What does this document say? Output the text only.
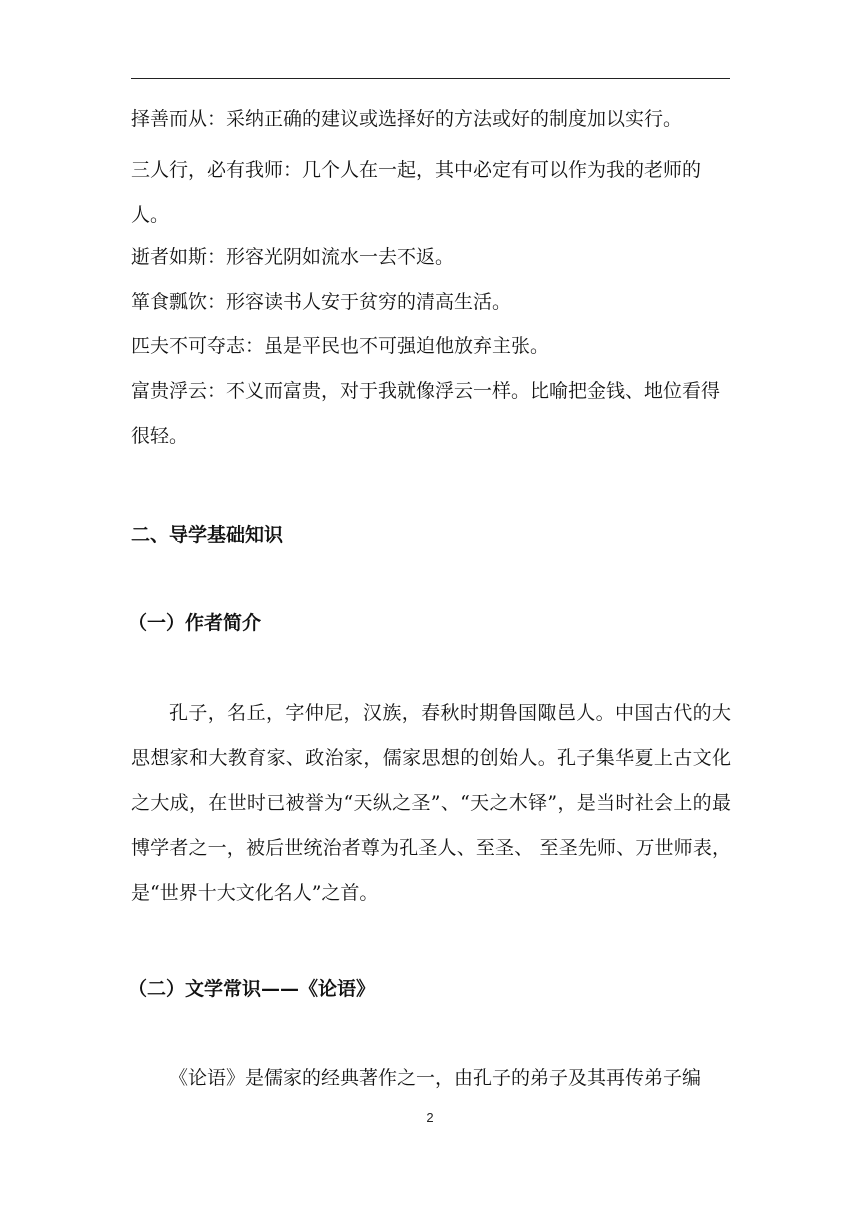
择善而从：采纳正确的建议或选择好的方法或好的制度加以实行。

三人行，必有我师：几个人在一起，其中必定有可以作为我的老师的人。

逝者如斯：形容光阴如流水一去不返。

箪食瓢饮：形容读书人安于贫穷的清高生活。

匹夫不可夺志：虽是平民也不可强迫他放弃主张。

富贵浮云：不义而富贵，对于我就像浮云一样。比喻把金钱、地位看得很轻。

二、导学基础知识
（一）作者简介

孔子，名丘，字仲尼，汉族，春秋时期鲁国陬邑人。中国古代的大思想家和大教育家、政治家，儒家思想的创始人。孔子集华夏上古文化之大成，在世时已被誉为“天纵之圣”、“天之木铎”，是当时社会上的最博学者之一，被后世统治者尊为孔圣人、至圣、 至圣先师、万世师表，是“世界十大文化名人”之首。

（二）文学常识——《论语》

《论语》是儒家的经典著作之一，由孔子的弟子及其再传弟子编

2
